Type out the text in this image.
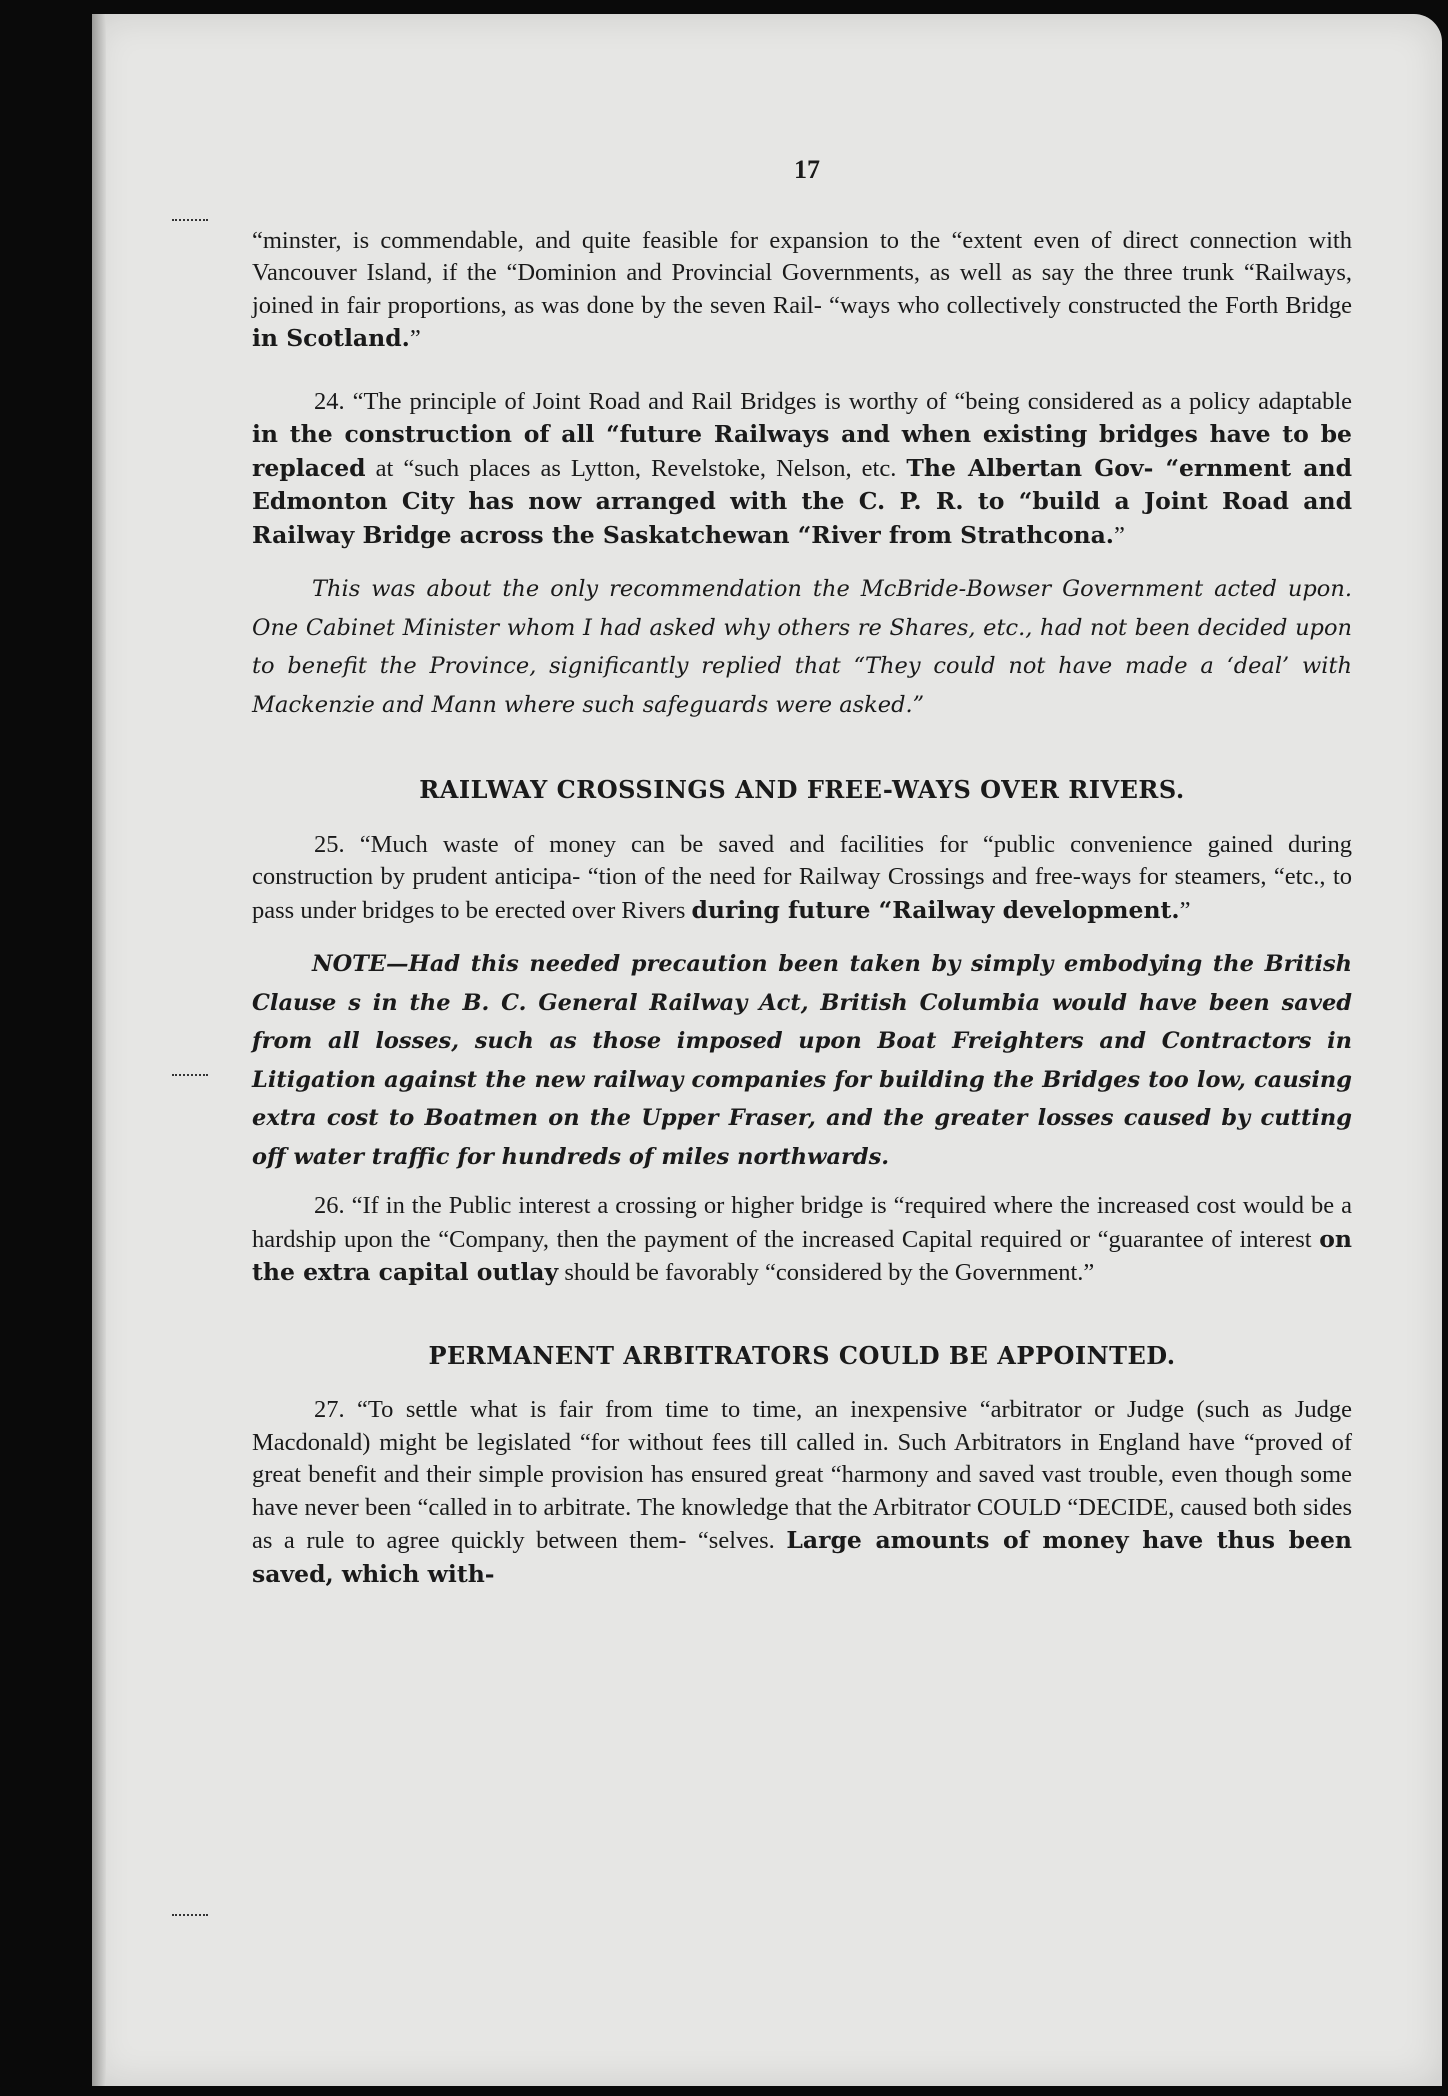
17

“minster, is commendable, and quite feasible for expansion to the “extent even of direct connection with Vancouver Island, if the “Dominion and Provincial Governments, as well as say the three trunk “Railways, joined in fair proportions, as was done by the seven Rail- “ways who collectively constructed the Forth Bridge in Scotland.”

24. “The principle of Joint Road and Rail Bridges is worthy of “being considered as a policy adaptable in the construction of all “future Railways and when existing bridges have to be replaced at “such places as Lytton, Revelstoke, Nelson, etc. The Albertan Gov- “ernment and Edmonton City has now arranged with the C. P. R. to “build a Joint Road and Railway Bridge across the Saskatchewan “River from Strathcona.”

This was about the only recommendation the McBride-Bowser Government acted upon. One Cabinet Minister whom I had asked why others re Shares, etc., had not been decided upon to benefit the Province, significantly replied that “They could not have made a ‘deal’ with Mackenzie and Mann where such safeguards were asked.”

RAILWAY CROSSINGS AND FREE-WAYS OVER RIVERS.

25. “Much waste of money can be saved and facilities for “public convenience gained during construction by prudent anticipa- “tion of the need for Railway Crossings and free-ways for steamers, “etc., to pass under bridges to be erected over Rivers during future “Railway development.”

NOTE—Had this needed precaution been taken by simply embodying the British Clause s in the B. C. General Railway Act, British Columbia would have been saved from all losses, such as those imposed upon Boat Freighters and Contractors in Litigation against the new railway companies for building the Bridges too low, causing extra cost to Boatmen on the Upper Fraser, and the greater losses caused by cutting off water traffic for hundreds of miles northwards.

26. “If in the Public interest a crossing or higher bridge is “required where the increased cost would be a hardship upon the “Company, then the payment of the increased Capital required or “guarantee of interest on the extra capital outlay should be favorably “considered by the Government.”

PERMANENT ARBITRATORS COULD BE APPOINTED.

27. “To settle what is fair from time to time, an inexpensive “arbitrator or Judge (such as Judge Macdonald) might be legislated “for without fees till called in. Such Arbitrators in England have “proved of great benefit and their simple provision has ensured great “harmony and saved vast trouble, even though some have never been “called in to arbitrate. The knowledge that the Arbitrator COULD “DECIDE, caused both sides as a rule to agree quickly between them- “selves. Large amounts of money have thus been saved, which with-
